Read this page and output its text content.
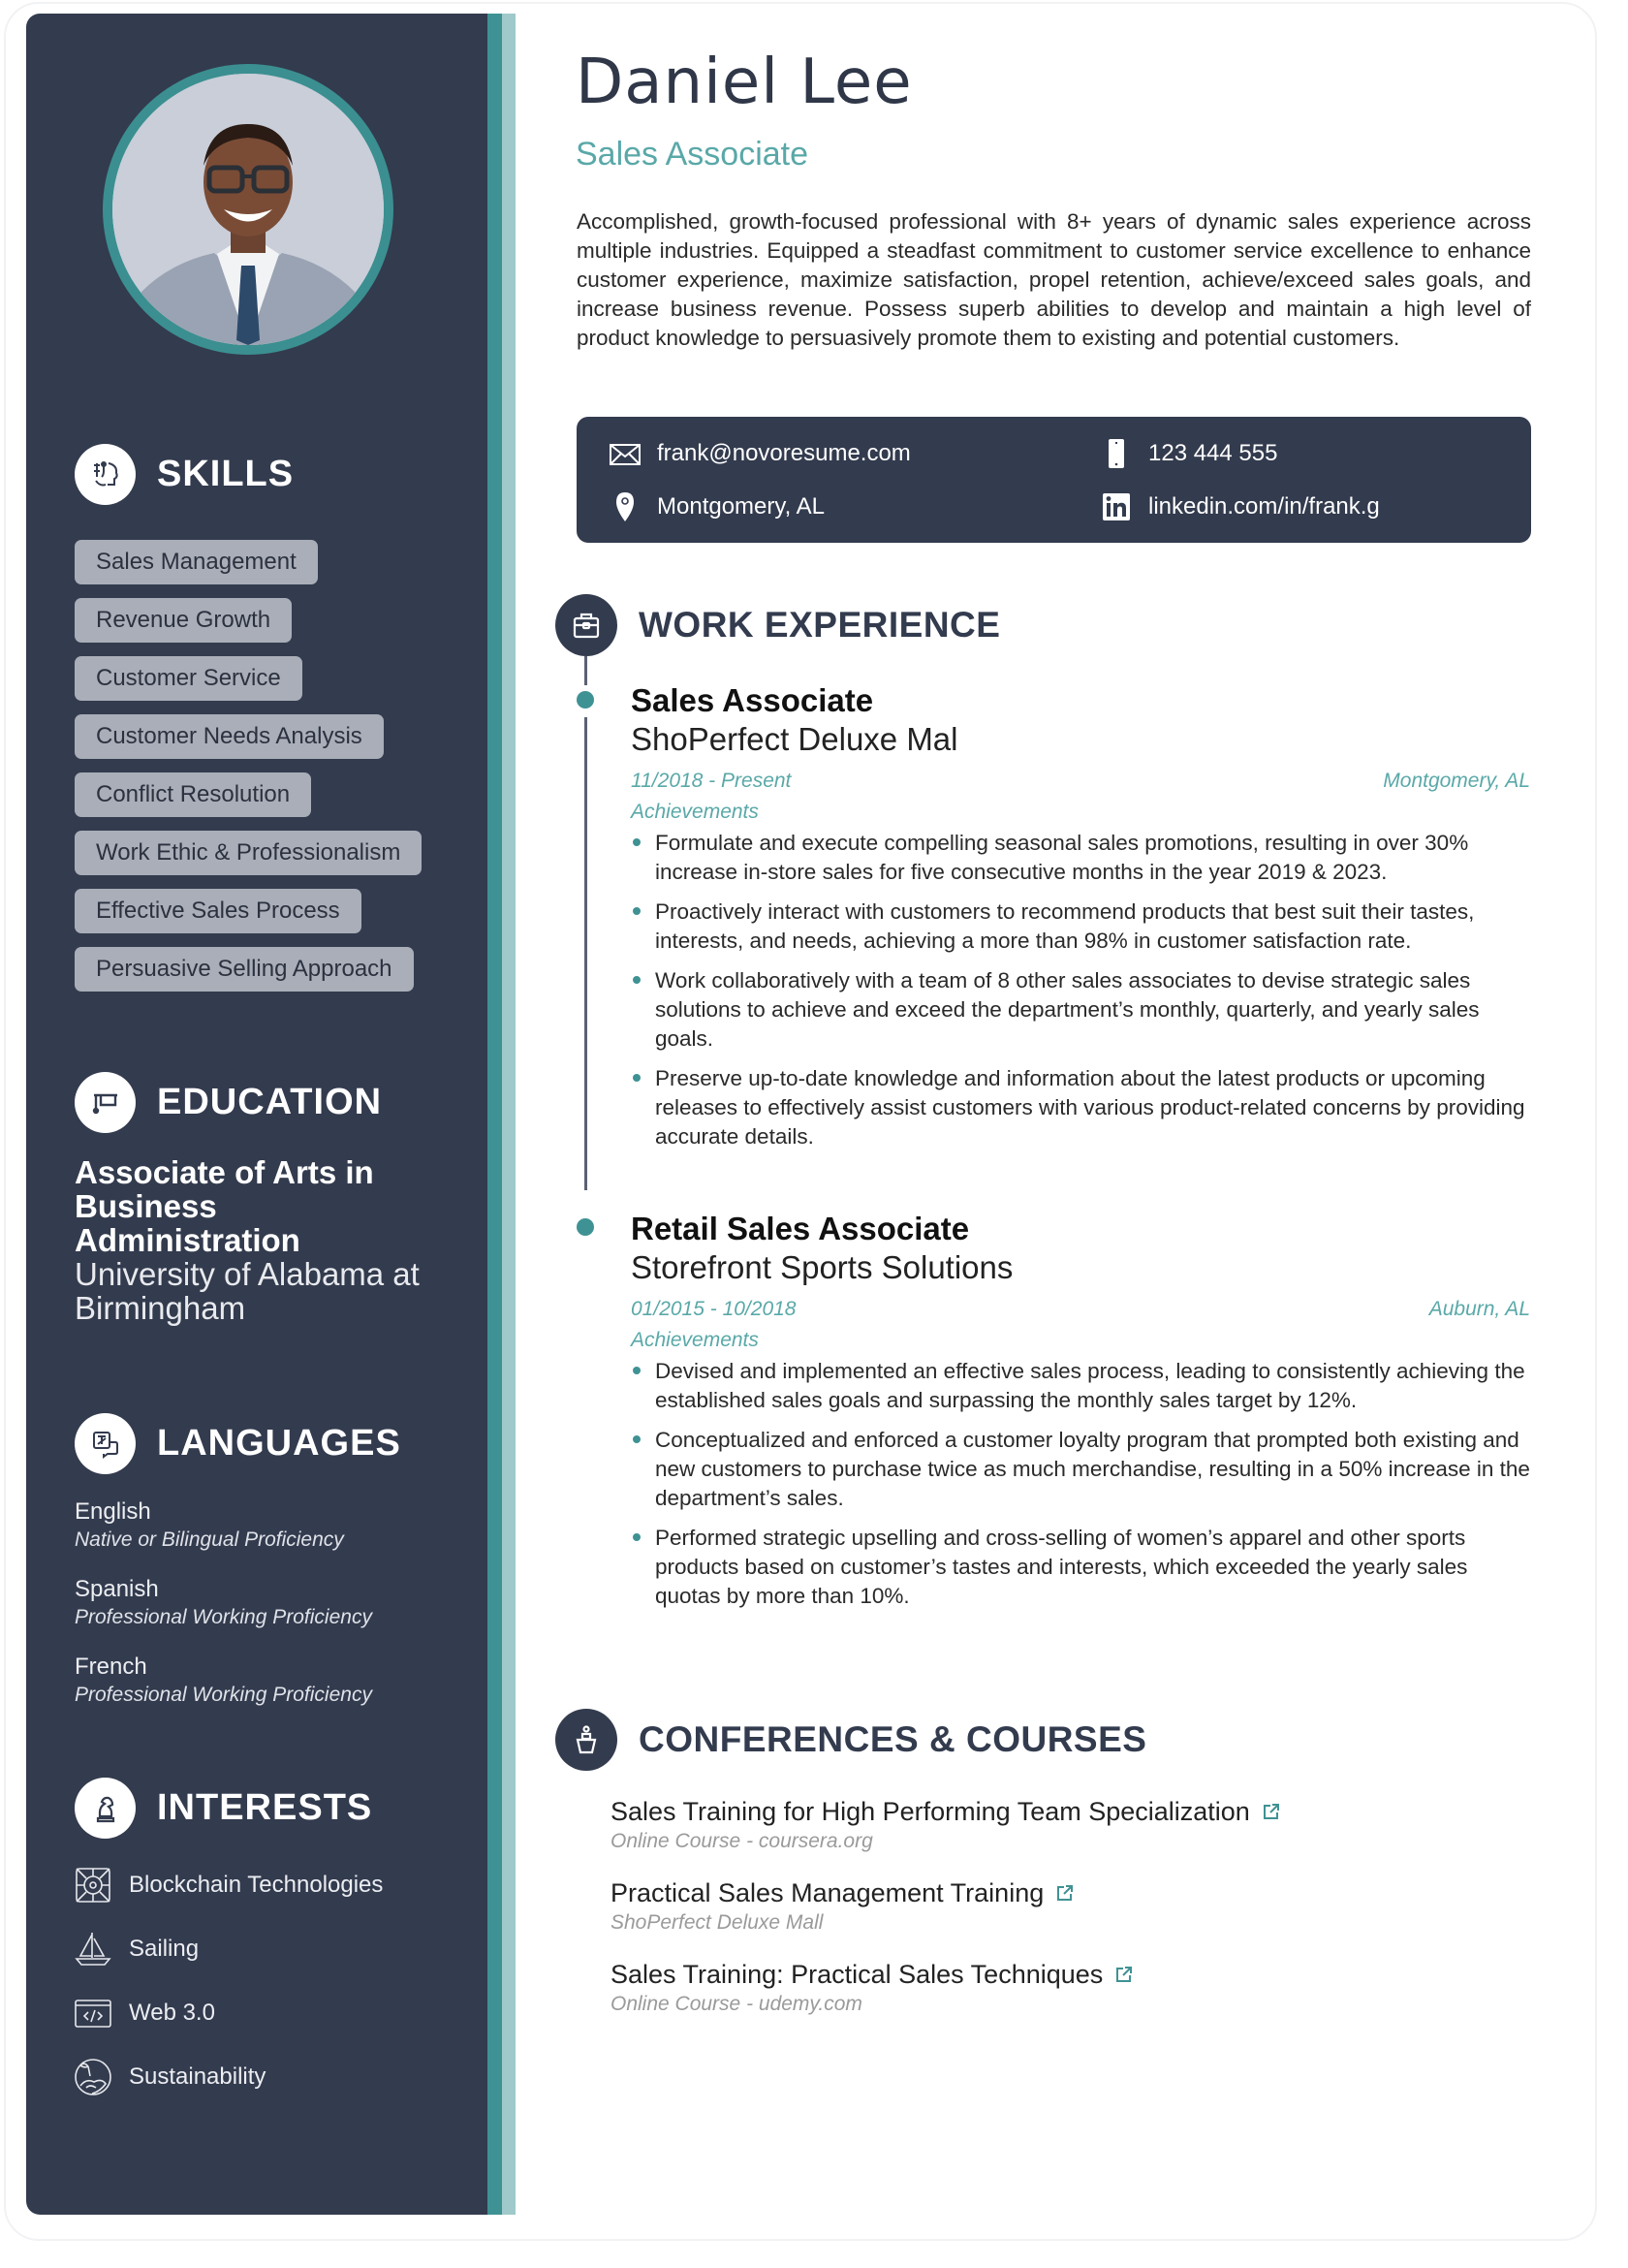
SKILLS
Sales Management
Revenue Growth
Customer Service
Customer Needs Analysis
Conflict Resolution
Work Ethic & Professionalism
Effective Sales Process
Persuasive Selling Approach
EDUCATION
Associate of Arts in Business Administration
University of Alabama at Birmingham
LANGUAGES
English
Native or Bilingual Proficiency
Spanish
Professional Working Proficiency
French
Professional Working Proficiency
INTERESTS
Blockchain Technologies
Sailing
Web 3.0
Sustainability
Daniel Lee
Sales Associate
Accomplished, growth-focused professional with 8+ years of dynamic sales experience across multiple industries. Equipped a steadfast commitment to customer service excellence to enhance customer experience, maximize satisfaction, propel retention, achieve/exceed sales goals, and increase business revenue. Possess superb abilities to develop and maintain a high level of product knowledge to persuasively promote them to existing and potential customers.
frank@novoresume.com	123 444 555
Montgomery, AL	linkedin.com/in/frank.g
WORK EXPERIENCE
Sales Associate
ShoPerfect Deluxe Mal
11/2018 - Present	Montgomery, AL
Achievements
Formulate and execute compelling seasonal sales promotions, resulting in over 30% increase in-store sales for five consecutive months in the year 2019 & 2023.
Proactively interact with customers to recommend products that best suit their tastes, interests, and needs, achieving a more than 98% in customer satisfaction rate.
Work collaboratively with a team of 8 other sales associates to devise strategic sales solutions to achieve and exceed the department’s monthly, quarterly, and yearly sales goals.
Preserve up-to-date knowledge and information about the latest products or upcoming releases to effectively assist customers with various product-related concerns by providing accurate details.
Retail Sales Associate
Storefront Sports Solutions
01/2015 - 10/2018	Auburn, AL
Achievements
Devised and implemented an effective sales process, leading to consistently achieving the established sales goals and surpassing the monthly sales target by 12%.
Conceptualized and enforced a customer loyalty program that prompted both existing and new customers to purchase twice as much merchandise, resulting in a 50% increase in the department’s sales.
Performed strategic upselling and cross-selling of women’s apparel and other sports products based on customer’s tastes and interests, which exceeded the yearly sales quotas by more than 10%.
CONFERENCES & COURSES
Sales Training for High Performing Team Specialization
Online Course - coursera.org
Practical Sales Management Training
ShoPerfect Deluxe Mall
Sales Training: Practical Sales Techniques
Online Course - udemy.com
